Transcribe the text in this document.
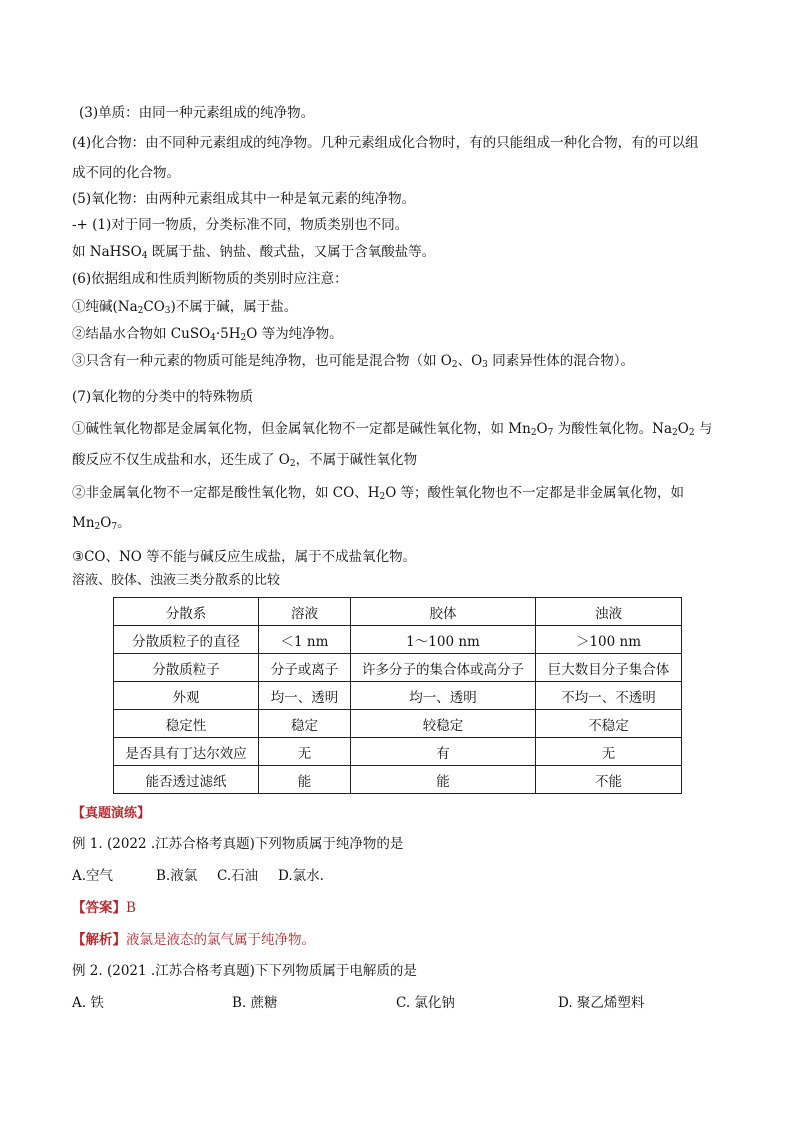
(3)单质：由同一种元素组成的纯净物。
(4)化合物：由不同种元素组成的纯净物。几种元素组成化合物时，有的只能组成一种化合物，有的可以组
成不同的化合物。
(5)氧化物：由两种元素组成其中一种是氧元素的纯净物。
-+ (1)对于同一物质，分类标准不同，物质类别也不同。
如 NaHSO$_4$ 既属于盐、钠盐、酸式盐，又属于含氧酸盐等。
(6)依据组成和性质判断物质的类别时应注意：
①纯碱$(Na_2CO_3)$不属于碱，属于盐。
②结晶水合物如 $CuSO_4\cdot 5H_2O$ 等为纯净物。
③只含有一种元素的物质可能是纯净物，也可能是混合物（如 $O_2$、$O_3$ 同素异性体的混合物）。
(7)氧化物的分类中的特殊物质
①碱性氧化物都是金属氧化物，但金属氧化物不一定都是碱性氧化物，如 $Mn_2O_7$ 为酸性氧化物。$Na_2O_2$ 与
酸反应不仅生成盐和水，还生成了 $O_2$，不属于碱性氧化物
②非金属氧化物不一定都是酸性氧化物，如 CO、$H_2O$ 等；酸性氧化物也不一定都是非金属氧化物，如
$Mn_2O_7$。
③CO、NO 等不能与碱反应生成盐，属于不成盐氧化物。
溶液、胶体、浊液三类分散系的比较
分散系	溶液	胶体	浊液
分散质粒子的直径	＜1 nm	1～100 nm	＞100 nm
分散质粒子	分子或离子	许多分子的集合体或高分子	巨大数目分子集合体
外观	均一、透明	均一、透明	不均一、不透明
稳定性	稳定	较稳定	不稳定
是否具有丁达尔效应	无	有	无
能否透过滤纸	能	能	不能
【真题演练】
例 1. (2022 .江苏合格考真题)下列物质属于纯净物的是
A.空气	B.液氯 C.石油 D.氯水.
【答案】B
【解析】液氯是液态的氯气属于纯净物。
例 2. (2021 .江苏合格考真题)下下列物质属于电解质的是
A. 铁	B. 蔗糖	C. 氯化钠	D. 聚乙烯塑料
